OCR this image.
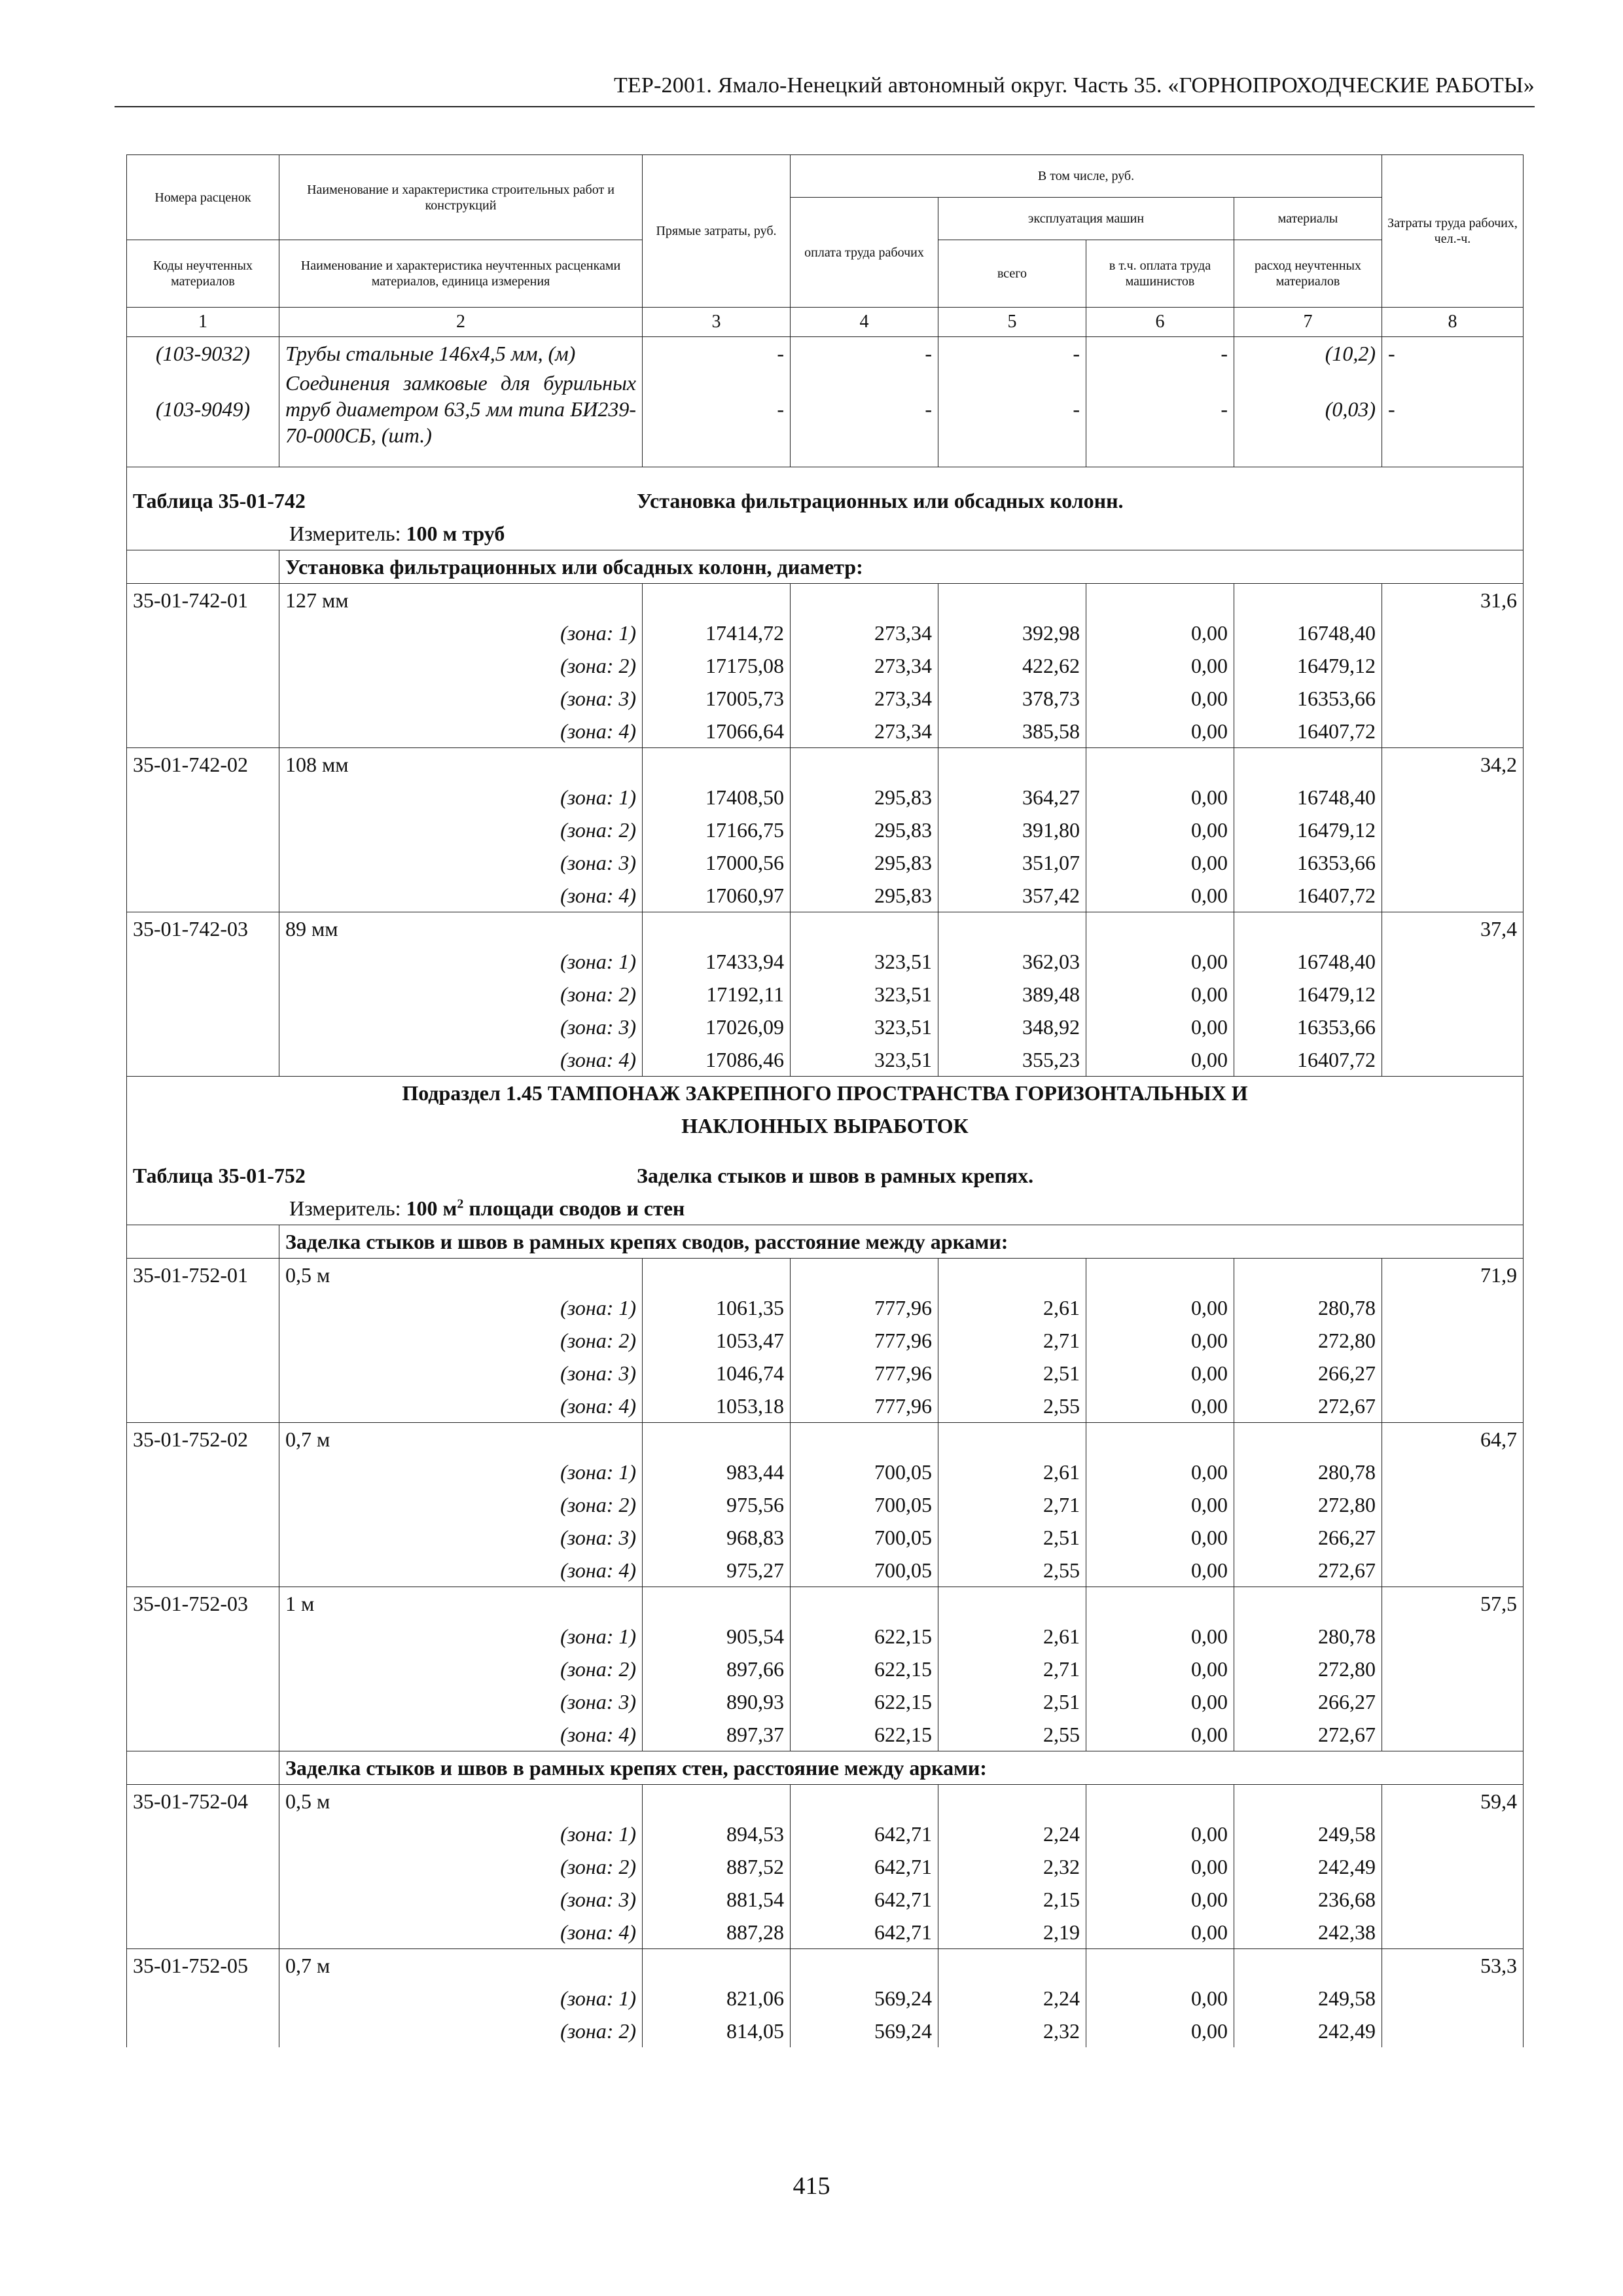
ТЕР-2001. Ямало-Ненецкий автономный округ. Часть 35. «ГОРНОПРОХОДЧЕСКИЕ РАБОТЫ»
Номера расценок	Наименование и характеристика строительных работ и конструкций	Прямые затраты, руб.	В том числе, руб.				Затраты труда рабочих, чел.-ч.
			оплата труда рабочих	эксплуатация машин		материалы	
Коды неучтенных материалов	Наименование и характеристика неучтенных расценками материалов, единица измерения			всего	в т.ч. оплата труда машинистов	расход неучтенных материалов	
1	2	3	4	5	6	7	8
(103-9032)	Трубы стальные 146х4,5 мм, (м)	-	-	-	-	(10,2)	-
(103-9049)	Соединения замковые для бурильных труб диаметром 63,5 мм типа БИ239-70-000СБ, (шт.)	-	-	-	-	(0,03)	-

Таблица 35-01-742 Установка фильтрационных или обсадных колонн.							
Измеритель: 100 м труб							
	Установка фильтрационных или обсадных колонн, диаметр:						
35-01-742-01	127 мм						31,6
	(зона: 1)	17414,72	273,34	392,98	0,00	16748,40	
	(зона: 2)	17175,08	273,34	422,62	0,00	16479,12	
	(зона: 3)	17005,73	273,34	378,73	0,00	16353,66	
	(зона: 4)	17066,64	273,34	385,58	0,00	16407,72	
35-01-742-02	108 мм						34,2
	(зона: 1)	17408,50	295,83	364,27	0,00	16748,40	
	(зона: 2)	17166,75	295,83	391,80	0,00	16479,12	
	(зона: 3)	17000,56	295,83	351,07	0,00	16353,66	
	(зона: 4)	17060,97	295,83	357,42	0,00	16407,72	
35-01-742-03	89 мм						37,4
	(зона: 1)	17433,94	323,51	362,03	0,00	16748,40	
	(зона: 2)	17192,11	323,51	389,48	0,00	16479,12	
	(зона: 3)	17026,09	323,51	348,92	0,00	16353,66	
	(зона: 4)	17086,46	323,51	355,23	0,00	16407,72	

Подраздел 1.45 ТАМПОНАЖ ЗАКРЕПНОГО ПРОСТРАНСТВА ГОРИЗОНТАЛЬНЫХ И
НАКЛОННЫХ ВЫРАБОТОК							

Таблица 35-01-752 Заделка стыков и швов в рамных крепях.							
Измеритель: 100 $м^2$ площади сводов и стен							
	Заделка стыков и швов в рамных крепях сводов, расстояние между арками:						
35-01-752-01	0,5 м						71,9
	(зона: 1)	1061,35	777,96	2,61	0,00	280,78	
	(зона: 2)	1053,47	777,96	2,71	0,00	272,80	
	(зона: 3)	1046,74	777,96	2,51	0,00	266,27	
	(зона: 4)	1053,18	777,96	2,55	0,00	272,67	
35-01-752-02	0,7 м						64,7
	(зона: 1)	983,44	700,05	2,61	0,00	280,78	
	(зона: 2)	975,56	700,05	2,71	0,00	272,80	
	(зона: 3)	968,83	700,05	2,51	0,00	266,27	
	(зона: 4)	975,27	700,05	2,55	0,00	272,67	
35-01-752-03	1 м						57,5
	(зона: 1)	905,54	622,15	2,61	0,00	280,78	
	(зона: 2)	897,66	622,15	2,71	0,00	272,80	
	(зона: 3)	890,93	622,15	2,51	0,00	266,27	
	(зона: 4)	897,37	622,15	2,55	0,00	272,67	
	Заделка стыков и швов в рамных крепях стен, расстояние между арками:						
35-01-752-04	0,5 м						59,4
	(зона: 1)	894,53	642,71	2,24	0,00	249,58	
	(зона: 2)	887,52	642,71	2,32	0,00	242,49	
	(зона: 3)	881,54	642,71	2,15	0,00	236,68	
	(зона: 4)	887,28	642,71	2,19	0,00	242,38	
35-01-752-05	0,7 м						53,3
	(зона: 1)	821,06	569,24	2,24	0,00	249,58	
	(зона: 2)	814,05	569,24	2,32	0,00	242,49	
415
